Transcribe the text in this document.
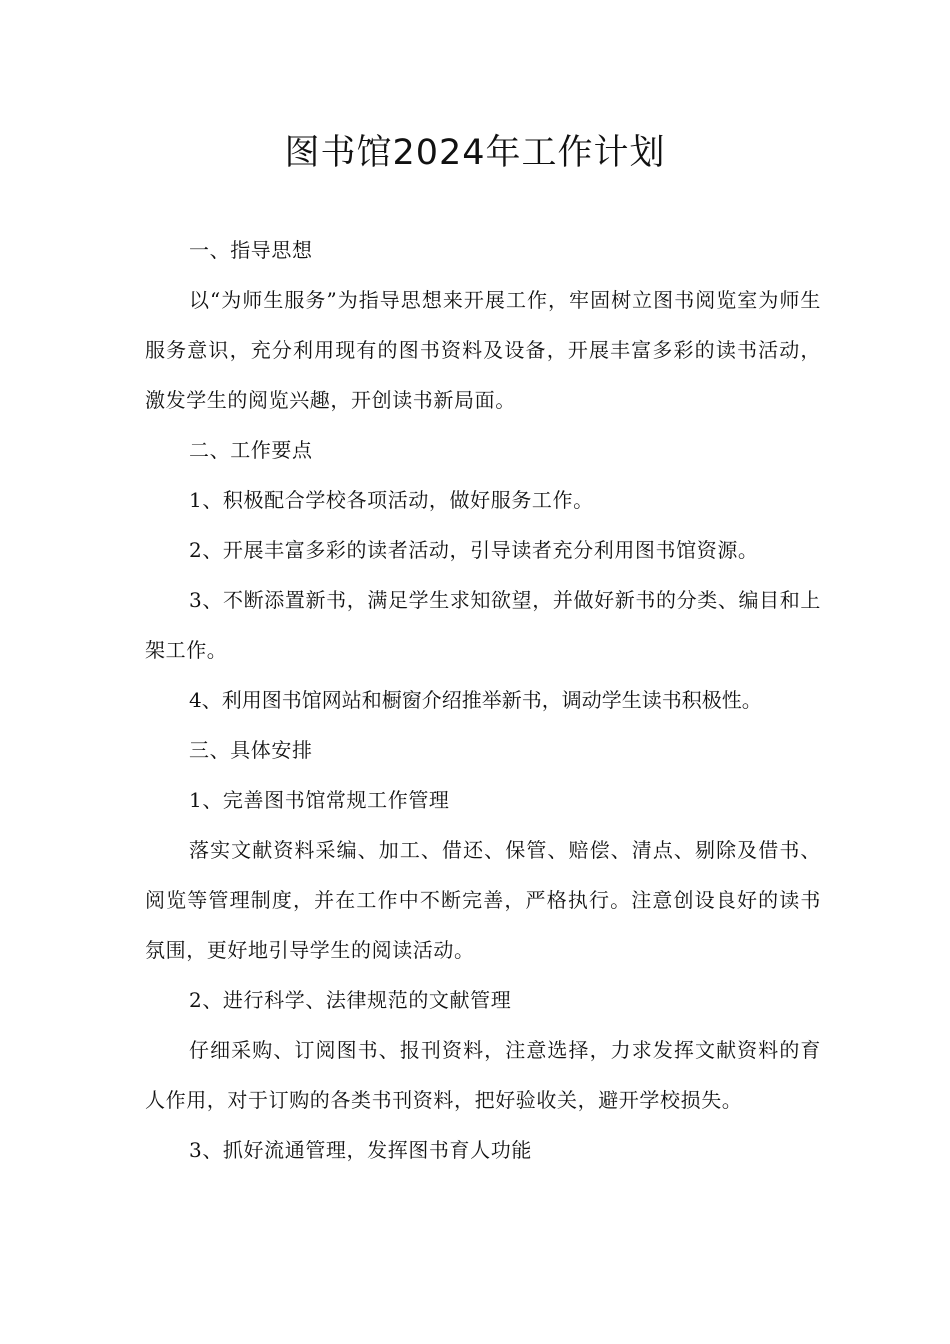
图书馆2024年工作计划

一、指导思想

以“为师生服务”为指导思想来开展工作，牢固树立图书阅览室为师生服务意识，充分利用现有的图书资料及设备，开展丰富多彩的读书活动，激发学生的阅览兴趣，开创读书新局面。

二、工作要点

1、积极配合学校各项活动，做好服务工作。

2、开展丰富多彩的读者活动，引导读者充分利用图书馆资源。

3、不断添置新书，满足学生求知欲望，并做好新书的分类、编目和上架工作。

4、利用图书馆网站和橱窗介绍推举新书，调动学生读书积极性。

三、具体安排

1、完善图书馆常规工作管理

落实文献资料采编、加工、借还、保管、赔偿、清点、剔除及借书、阅览等管理制度，并在工作中不断完善，严格执行。注意创设良好的读书氛围，更好地引导学生的阅读活动。

2、进行科学、法律规范的文献管理

仔细采购、订阅图书、报刊资料，注意选择，力求发挥文献资料的育人作用，对于订购的各类书刊资料，把好验收关，避开学校损失。

3、抓好流通管理，发挥图书育人功能
